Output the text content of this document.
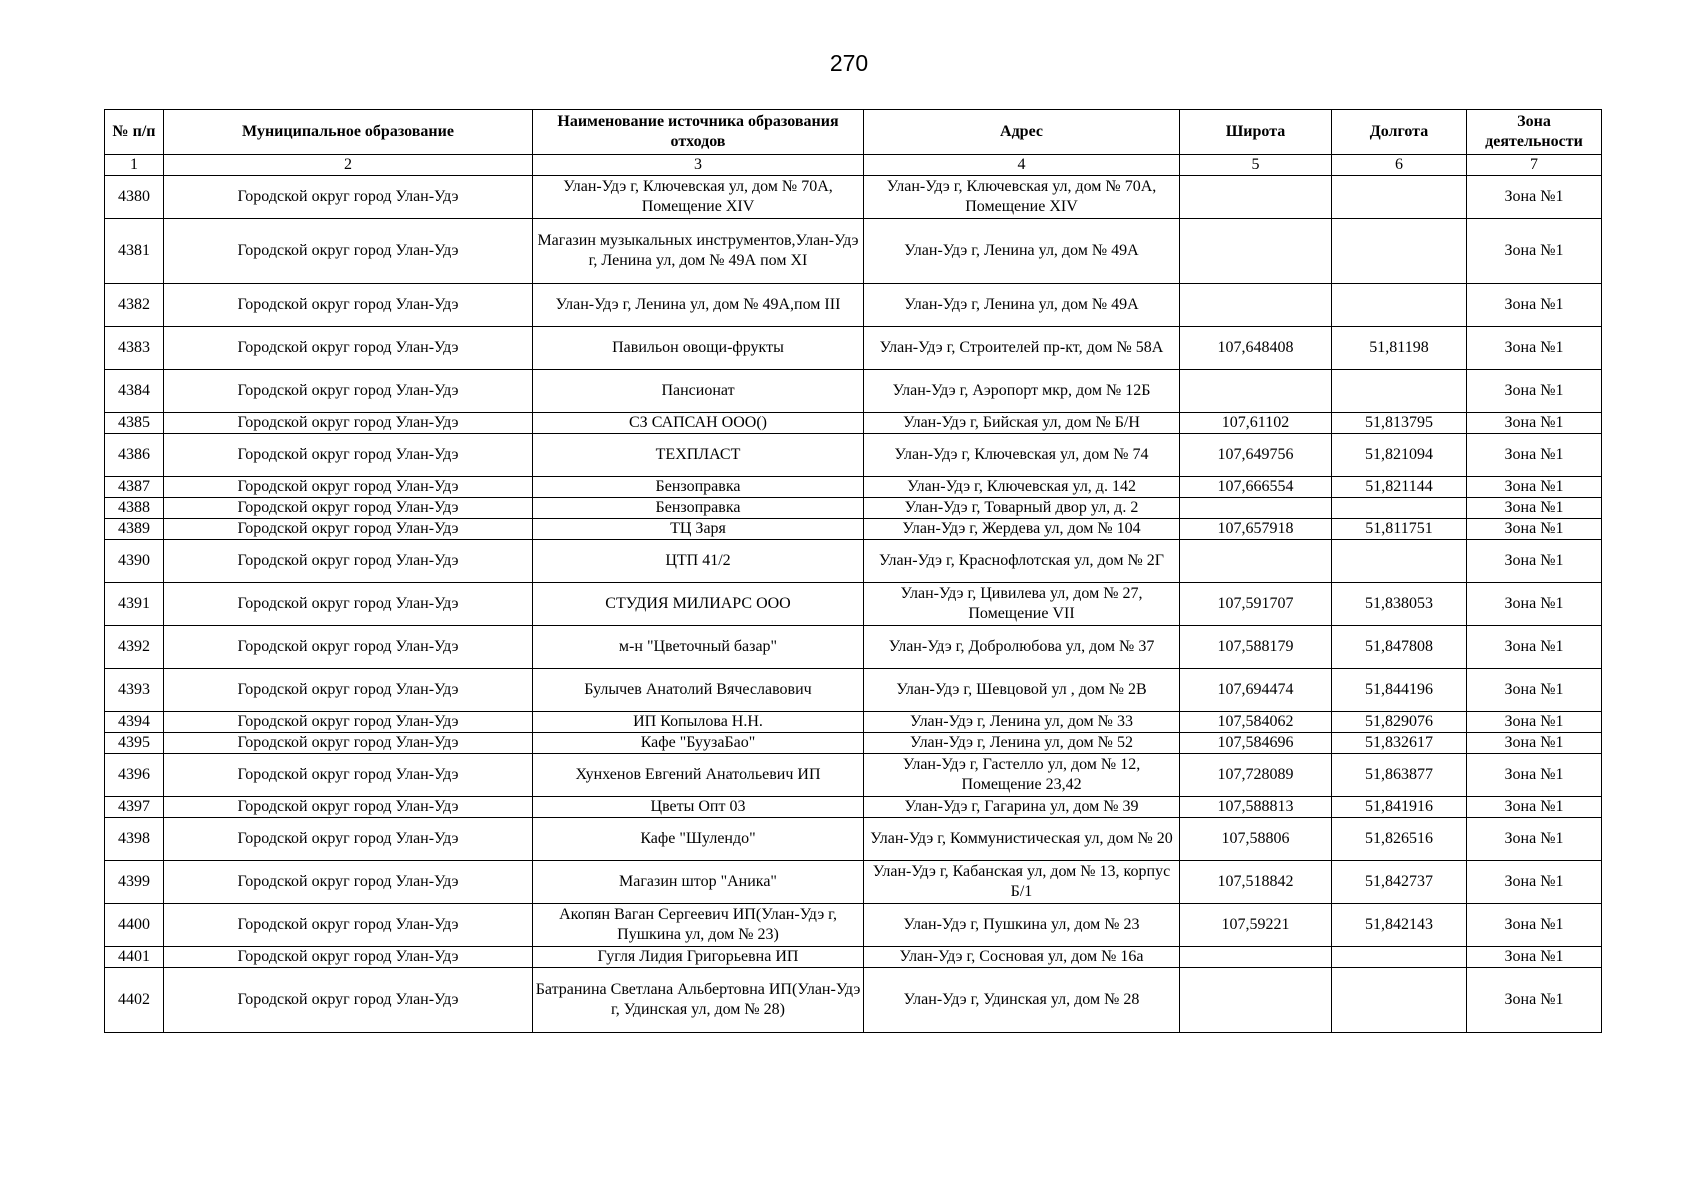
270
№ п/п	Муниципальное образование	Наименование источника образования отходов	Адрес	Широта	Долгота	Зона деятельности
1	2	3	4	5	6	7
4380	Городской округ город Улан-Удэ	Улан-Удэ г, Ключевская ул, дом № 70А, Помещение XIV	Улан-Удэ г, Ключевская ул, дом № 70А, Помещение XIV			Зона №1
4381	Городской округ город Улан-Удэ	Магазин музыкальных инструментов,Улан-Удэ г, Ленина ул, дом № 49А пом XI	Улан-Удэ г, Ленина ул, дом № 49А			Зона №1
4382	Городской округ город Улан-Удэ	Улан-Удэ г, Ленина ул, дом № 49А,пом III	Улан-Удэ г, Ленина ул, дом № 49А			Зона №1
4383	Городской округ город Улан-Удэ	Павильон овощи-фрукты	Улан-Удэ г, Строителей пр-кт, дом № 58А	107,648408	51,81198	Зона №1
4384	Городской округ город Улан-Удэ	Пансионат	Улан-Удэ г, Аэропорт мкр, дом № 12Б			Зона №1
4385	Городской округ город Улан-Удэ	СЗ САПСАН ООО()	Улан-Удэ г, Бийская ул, дом № Б/Н	107,61102	51,813795	Зона №1
4386	Городской округ город Улан-Удэ	ТЕХПЛАСТ	Улан-Удэ г, Ключевская ул, дом № 74	107,649756	51,821094	Зона №1
4387	Городской округ город Улан-Удэ	Бензоправка	Улан-Удэ г, Ключевская ул, д. 142	107,666554	51,821144	Зона №1
4388	Городской округ город Улан-Удэ	Бензоправка	Улан-Удэ г, Товарный двор ул, д. 2			Зона №1
4389	Городской округ город Улан-Удэ	ТЦ Заря	Улан-Удэ г, Жердева ул, дом № 104	107,657918	51,811751	Зона №1
4390	Городской округ город Улан-Удэ	ЦТП 41/2	Улан-Удэ г, Краснофлотская ул, дом № 2Г			Зона №1
4391	Городской округ город Улан-Удэ	СТУДИЯ МИЛИАРС ООО	Улан-Удэ г, Цивилева ул, дом № 27, Помещение VII	107,591707	51,838053	Зона №1
4392	Городской округ город Улан-Удэ	м-н "Цветочный базар"	Улан-Удэ г, Добролюбова ул, дом № 37	107,588179	51,847808	Зона №1
4393	Городской округ город Улан-Удэ	Булычев Анатолий Вячеславович	Улан-Удэ г, Шевцовой ул , дом № 2В	107,694474	51,844196	Зона №1
4394	Городской округ город Улан-Удэ	ИП Копылова Н.Н.	Улан-Удэ г, Ленина ул, дом № 33	107,584062	51,829076	Зона №1
4395	Городской округ город Улан-Удэ	Кафе "БуузаБао"	Улан-Удэ г, Ленина ул, дом № 52	107,584696	51,832617	Зона №1
4396	Городской округ город Улан-Удэ	Хунхенов Евгений Анатольевич ИП	Улан-Удэ г, Гастелло ул, дом № 12, Помещение 23,42	107,728089	51,863877	Зона №1
4397	Городской округ город Улан-Удэ	Цветы Опт 03	Улан-Удэ г, Гагарина ул, дом № 39	107,588813	51,841916	Зона №1
4398	Городской округ город Улан-Удэ	Кафе "Шулендо"	Улан-Удэ г, Коммунистическая ул, дом № 20	107,58806	51,826516	Зона №1
4399	Городской округ город Улан-Удэ	Магазин штор "Аника"	Улан-Удэ г, Кабанская ул, дом № 13, корпус Б/1	107,518842	51,842737	Зона №1
4400	Городской округ город Улан-Удэ	Акопян Ваган Сергеевич ИП(Улан-Удэ г, Пушкина ул, дом № 23)	Улан-Удэ г, Пушкина ул, дом № 23	107,59221	51,842143	Зона №1
4401	Городской округ город Улан-Удэ	Гугля Лидия Григорьевна ИП	Улан-Удэ г, Сосновая ул, дом № 16а			Зона №1
4402	Городской округ город Улан-Удэ	Батранина Светлана Альбертовна ИП(Улан-Удэ г, Удинская ул, дом № 28)	Улан-Удэ г, Удинская ул, дом № 28			Зона №1
